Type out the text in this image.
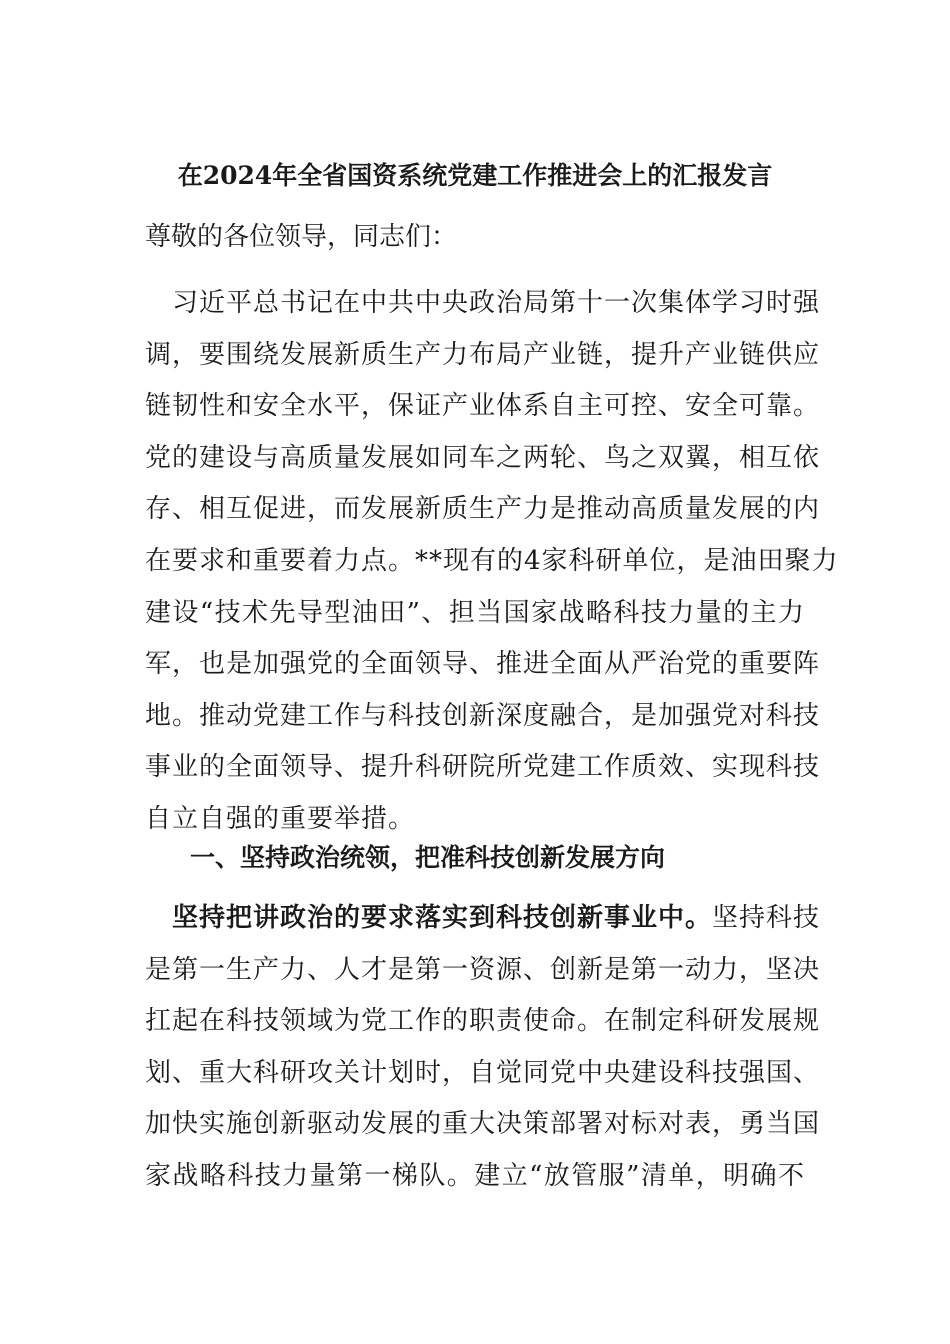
在2024年全省国资系统党建工作推进会上的汇报发言
尊敬的各位领导，同志们：
　习近平总书记在中共中央政治局第十一次集体学习时强
调，要围绕发展新质生产力布局产业链，提升产业链供应
链韧性和安全水平，保证产业体系自主可控、安全可靠。
党的建设与高质量发展如同车之两轮、鸟之双翼，相互依
存、相互促进，而发展新质生产力是推动高质量发展的内
在要求和重要着力点。**现有的4家科研单位，是油田聚力
建设“技术先导型油田”、担当国家战略科技力量的主力
军，也是加强党的全面领导、推进全面从严治党的重要阵
地。推动党建工作与科技创新深度融合，是加强党对科技
事业的全面领导、提升科研院所党建工作质效、实现科技
自立自强的重要举措。
一、坚持政治统领，把准科技创新发展方向
　坚持把讲政治的要求落实到科技创新事业中。坚持科技
是第一生产力、人才是第一资源、创新是第一动力，坚决
扛起在科技领域为党工作的职责使命。在制定科研发展规
划、重大科研攻关计划时，自觉同党中央建设科技强国、
加快实施创新驱动发展的重大决策部署对标对表，勇当国
家战略科技力量第一梯队。建立“放管服”清单，明确不
